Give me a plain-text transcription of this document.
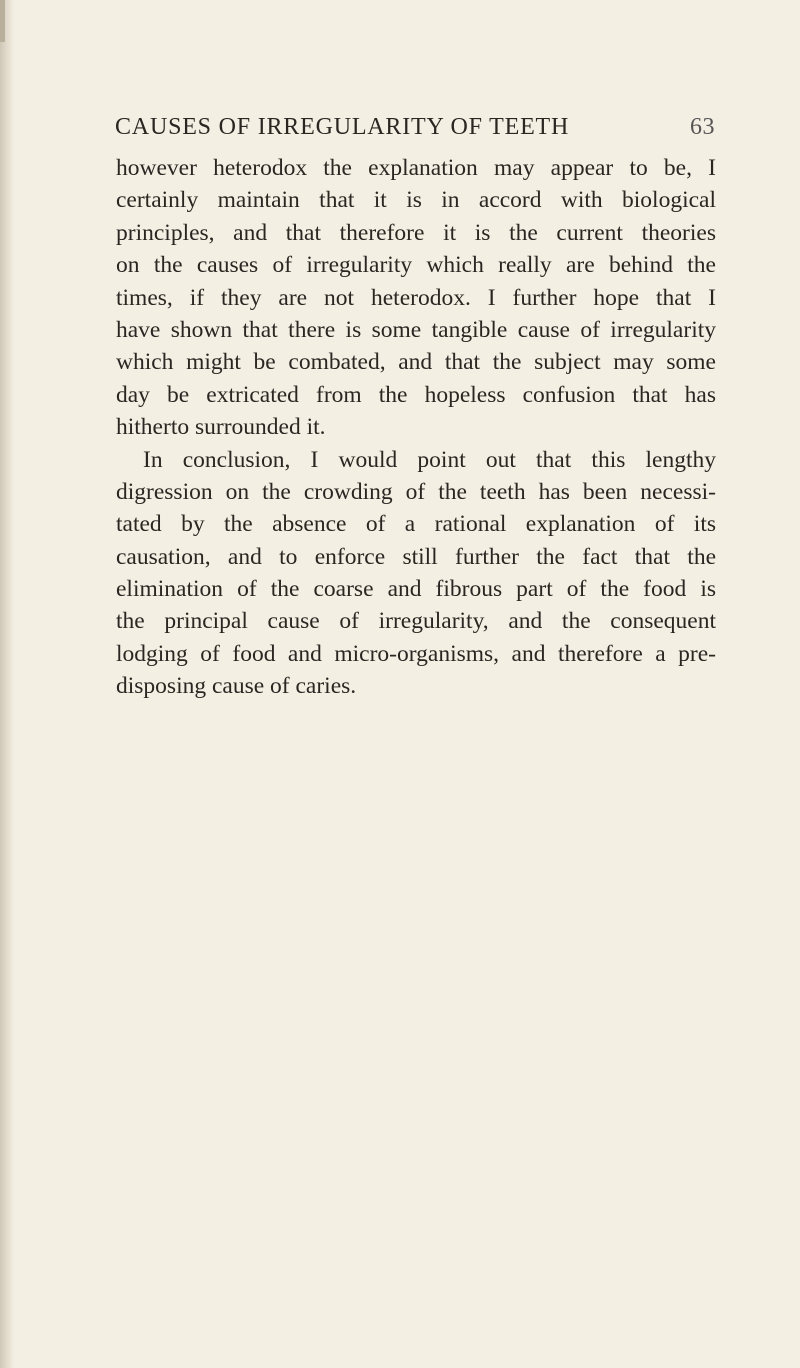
CAUSES OF IRREGULARITY OF TEETH	63
however heterodox the explanation may appear to be, I
certainly maintain that it is in accord with biological
principles, and that therefore it is the current theories
on the causes of irregularity which really are behind the
times, if they are not heterodox. I further hope that I
have shown that there is some tangible cause of irregularity
which might be combated, and that the subject may some
day be extricated from the hopeless confusion that has
hitherto surrounded it.
In conclusion, I would point out that this lengthy
digression on the crowding of the teeth has been necessi-
tated by the absence of a rational explanation of its
causation, and to enforce still further the fact that the
elimination of the coarse and fibrous part of the food is
the principal cause of irregularity, and the consequent
lodging of food and micro-organisms, and therefore a pre-
disposing cause of caries.
